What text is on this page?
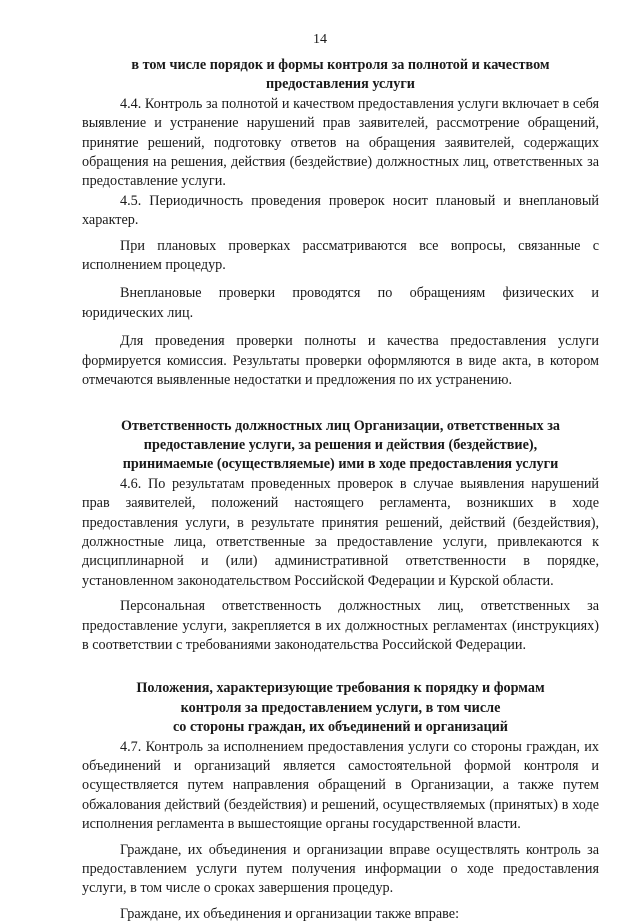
14
в том числе порядок и формы контроля за полнотой и качеством
предоставления услуги

4.4. Контроль за полнотой и качеством предоставления услуги включает в себя выявление и устранение нарушений прав заявителей, рассмотрение обращений, принятие решений, подготовку ответов на обращения заявителей, содержащих обращения на решения, действия (бездействие) должностных лиц, ответственных за предоставление услуги.

4.5. Периодичность проведения проверок носит плановый и внеплановый характер.

При плановых проверках рассматриваются все вопросы, связанные с исполнением процедур.

Внеплановые проверки проводятся по обращениям физических и юридических лиц.

Для проведения проверки полноты и качества предоставления услуги формируется комиссия. Результаты проверки оформляются в виде акта, в котором отмечаются выявленные недостатки и предложения по их устранению.

Ответственность должностных лиц Организации, ответственных за
предоставление услуги, за решения и действия (бездействие),
принимаемые (осуществляемые) ими в ходе предоставления услуги

4.6. По результатам проведенных проверок в случае выявления нарушений прав заявителей, положений настоящего регламента, возникших в ходе предоставления услуги, в результате принятия решений, действий (бездействия), должностные лица, ответственные за предоставление услуги, привлекаются к дисциплинарной и (или) административной ответственности в порядке, установленном законодательством Российской Федерации и Курской области.

Персональная ответственность должностных лиц, ответственных за предоставление услуги, закрепляется в их должностных регламентах (инструкциях) в соответствии с требованиями законодательства Российской Федерации.

Положения, характеризующие требования к порядку и формам
контроля за предоставлением услуги, в том числе
со стороны граждан, их объединений и организаций

4.7. Контроль за исполнением предоставления услуги со стороны граждан, их объединений и организаций является самостоятельной формой контроля и осуществляется путем направления обращений в Организации, а также путем обжалования действий (бездействия) и решений, осуществляемых (принятых) в ходе исполнения регламента в вышестоящие органы государственной власти.

Граждане, их объединения и организации вправе осуществлять контроль за предоставлением услуги путем получения информации о ходе предоставления услуги, в том числе о сроках завершения процедур.

Граждане, их объединения и организации также вправе:
